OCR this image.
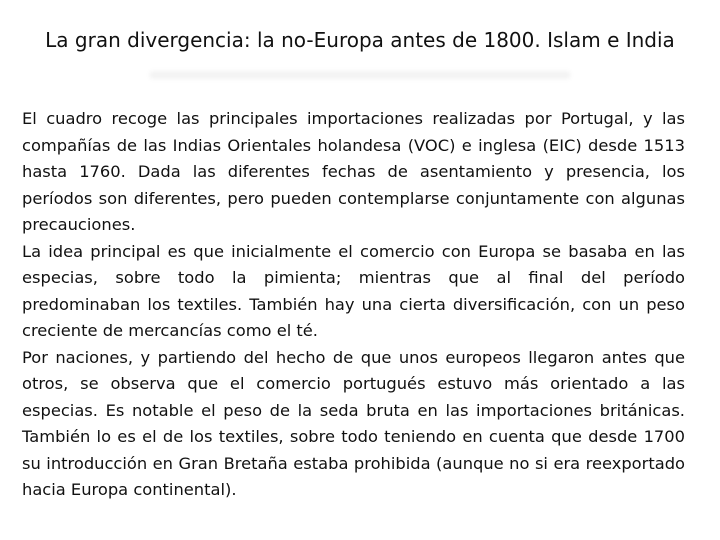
La gran divergencia: la no-Europa antes de 1800. Islam e India

El cuadro recoge las principales importaciones realizadas por Portugal, y las compañías de las Indias Orientales holandesa (VOC) e inglesa (EIC) desde 1513 hasta 1760. Dada las diferentes fechas de asentamiento y presencia, los períodos son diferentes, pero pueden contemplarse conjuntamente con algunas precauciones.

La idea principal es que inicialmente el comercio con Europa se basaba en las especias, sobre todo la pimienta; mientras que al final del período predominaban los textiles. También hay una cierta diversificación, con un peso creciente de mercancías como el té.

Por naciones, y partiendo del hecho de que unos europeos llegaron antes que otros, se observa que el comercio portugués estuvo más orientado a las especias. Es notable el peso de la seda bruta en las importaciones británicas. También lo es el de los textiles, sobre todo teniendo en cuenta que desde 1700 su introducción en Gran Bretaña estaba prohibida (aunque no si era reexportado hacia Europa continental).
